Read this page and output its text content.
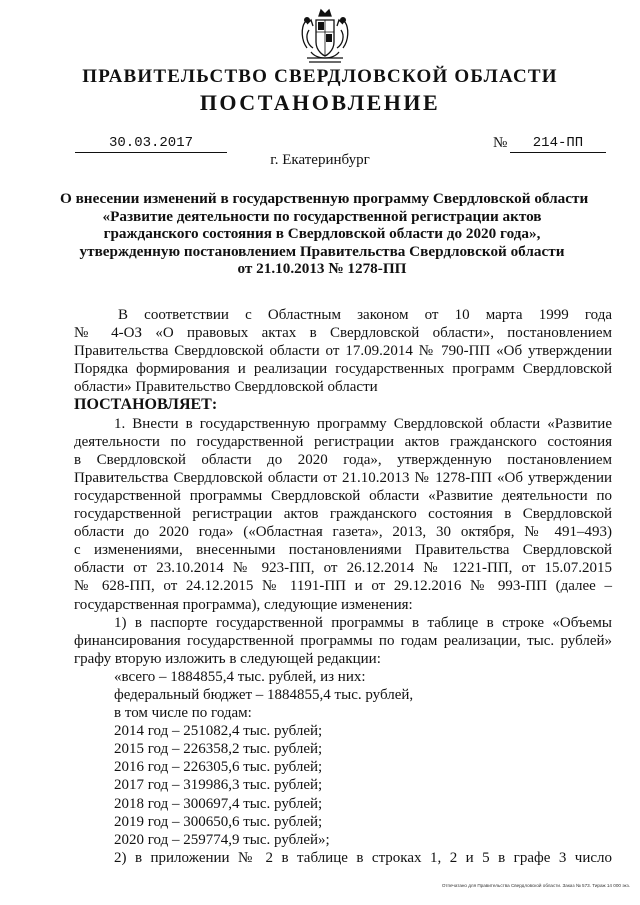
ПРАВИТЕЛЬСТВО СВЕРДЛОВСКОЙ ОБЛАСТИ
ПОСТАНОВЛЕНИЕ
30.03.2017	№	214-ПП
г. Екатеринбург
О внесении изменений в государственную программу Свердловской области
«Развитие деятельности по государственной регистрации актов
гражданского состояния в Свердловской области до 2020 года»,
утвержденную постановлением Правительства Свердловской области
от 21.10.2013 № 1278-ПП
В соответствии с Областным законом от 10 марта 1999 года
№ 4-ОЗ «О правовых актах в Свердловской области», постановлением
Правительства Свердловской области от 17.09.2014 № 790-ПП «Об утверждении
Порядка формирования и реализации государственных программ Свердловской
области» Правительство Свердловской области
ПОСТАНОВЛЯЕТ:
1. Внести в государственную программу Свердловской области «Развитие
деятельности по государственной регистрации актов гражданского состояния
в Свердловской области до 2020 года», утвержденную постановлением
Правительства Свердловской области от 21.10.2013 № 1278-ПП «Об утверждении
государственной программы Свердловской области «Развитие деятельности по
государственной регистрации актов гражданского состояния в Свердловской
области до 2020 года» («Областная газета», 2013, 30 октября, № 491–493)
с изменениями, внесенными постановлениями Правительства Свердловской
области от 23.10.2014 № 923-ПП, от 26.12.2014 № 1221-ПП, от 15.07.2015
№ 628-ПП, от 24.12.2015 № 1191-ПП и от 29.12.2016 № 993-ПП (далее –
государственная программа), следующие изменения:
1) в паспорте государственной программы в таблице в строке «Объемы
финансирования государственной программы по годам реализации, тыс. рублей»
графу вторую изложить в следующей редакции:
«всего – 1884855,4 тыс. рублей, из них:
федеральный бюджет – 1884855,4 тыс. рублей,
в том числе по годам:
2014 год – 251082,4 тыс. рублей;
2015 год – 226358,2 тыс. рублей;
2016 год – 226305,6 тыс. рублей;
2017 год – 319986,3 тыс. рублей;
2018 год – 300697,4 тыс. рублей;
2019 год – 300650,6 тыс. рублей;
2020 год – 259774,9 тыс. рублей»;
2) в приложении № 2 в таблице в строках 1, 2 и 5 в графе 3 число
Отпечатано для Правительства Свердловской области. Заказ № 573. Тираж 14 000 экз.
